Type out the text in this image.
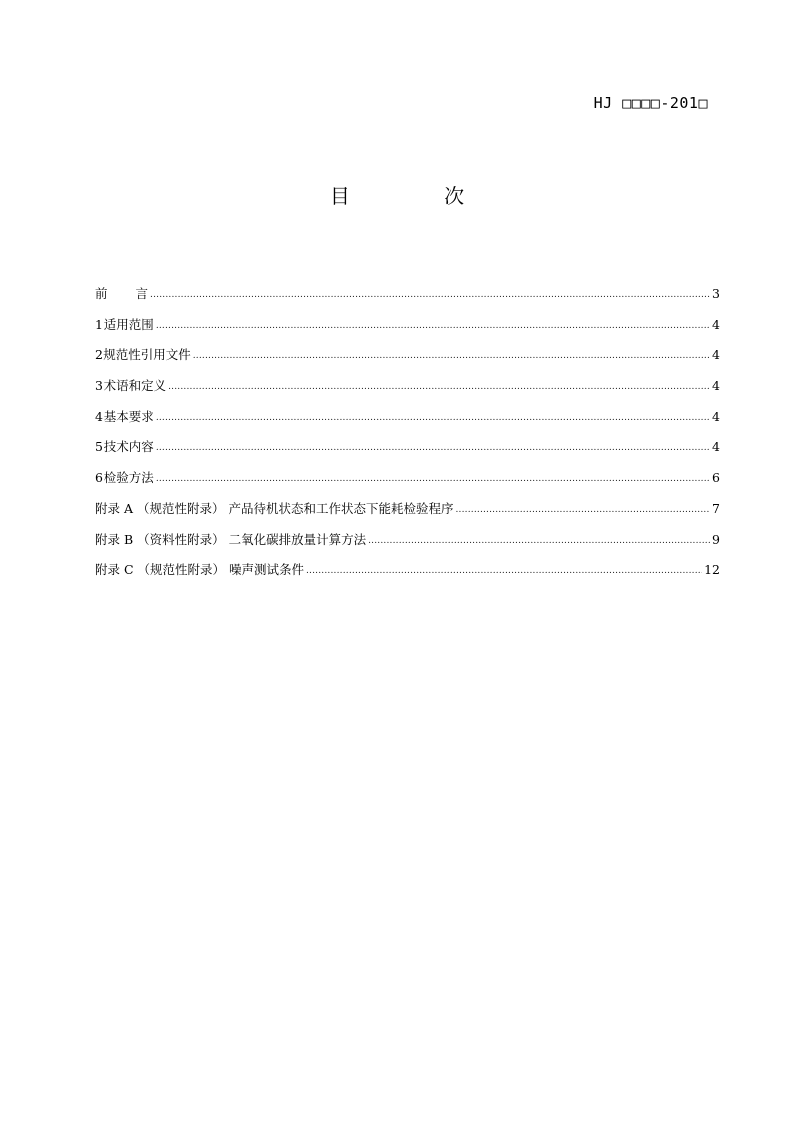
HJ □□□□-201□
目 次
前 言 .....	3
1 适用范围 .....	4
2 规范性引用文件 .....	4
3 术语和定义 .....	4
4 基本要求 .....	4
5 技术内容 .....	4
6 检验方法 .....	6
附录 A （规范性附录） 产品待机状态和工作状态下能耗检验程序 .....	7
附录 B （资料性附录） 二氧化碳排放量计算方法 .....	9
附录 C （规范性附录） 噪声测试条件 .....	12
